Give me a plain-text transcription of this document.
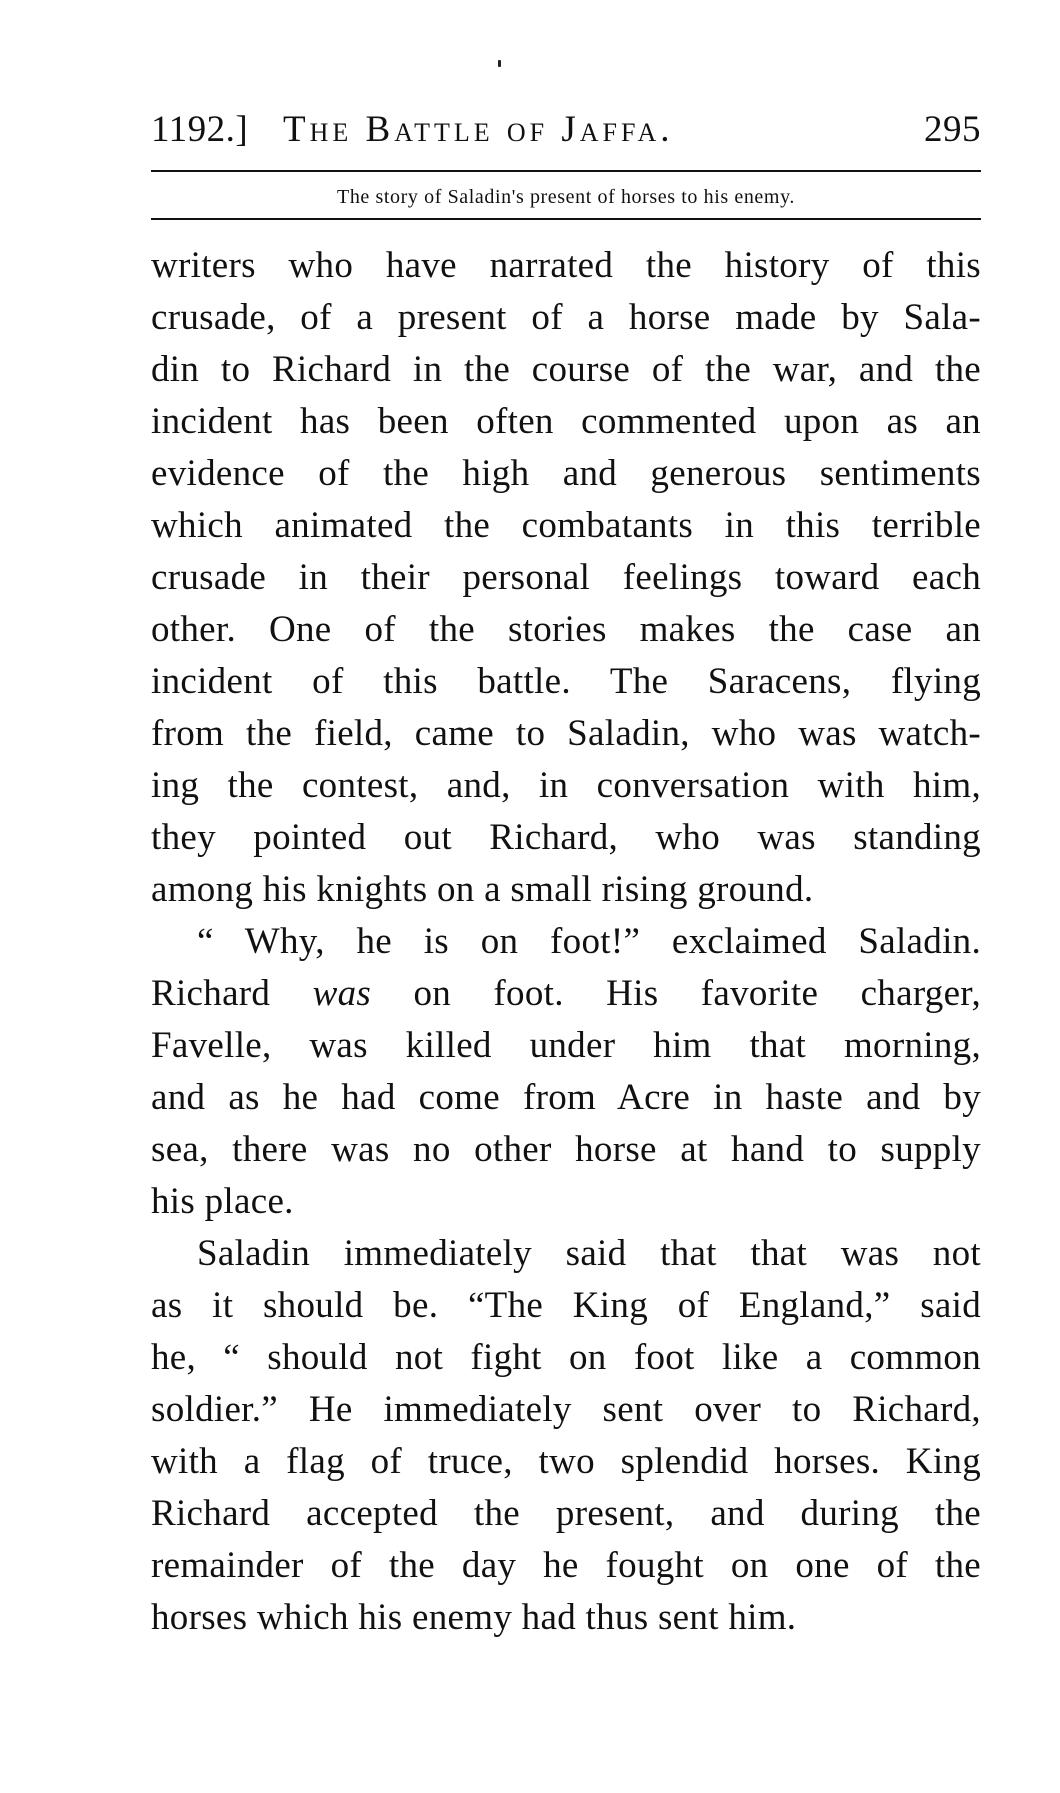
1192.] The Battle of Jaffa.	295
The story of Saladin's present of horses to his enemy.
writers who have narrated the history of this
crusade, of a present of a horse made by Sala-
din to Richard in the course of the war, and the
incident has been often commented upon as an
evidence of the high and generous sentiments
which animated the combatants in this terrible
crusade in their personal feelings toward each
other. One of the stories makes the case an
incident of this battle. The Saracens, flying
from the field, came to Saladin, who was watch-
ing the contest, and, in conversation with him,
they pointed out Richard, who was standing
among his knights on a small rising ground.
“ Why, he is on foot!” exclaimed Saladin.
Richard was on foot. His favorite charger,
Favelle, was killed under him that morning,
and as he had come from Acre in haste and by
sea, there was no other horse at hand to supply
his place.
Saladin immediately said that that was not
as it should be. “The King of England,” said
he, “ should not fight on foot like a common
soldier.” He immediately sent over to Richard,
with a flag of truce, two splendid horses. King
Richard accepted the present, and during the
remainder of the day he fought on one of the
horses which his enemy had thus sent him.
